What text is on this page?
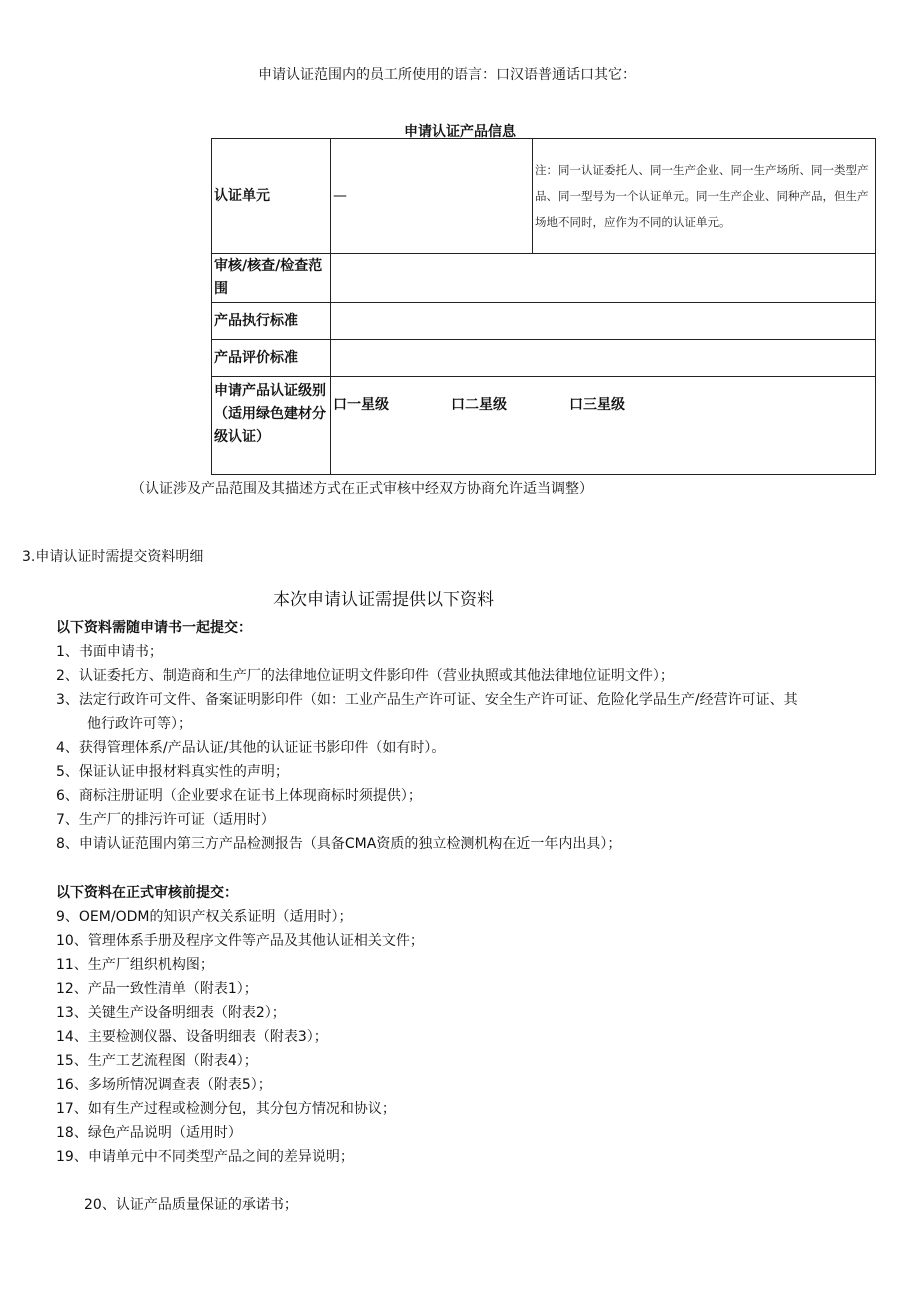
申请认证范围内的员工所使用的语言：口汉语普通话口其它：
申请认证产品信息
认证单元	—	注：同一认证委托人、同一生产企业、同一生产场所、同一类型产品、同一型号为一个认证单元。同一生产企业、同种产品，但生产场地不同时，应作为不同的认证单元。
审核/核查/检查范围		
产品执行标准		
产品评价标准		
申请产品认证级别（适用绿色建材分级认证）	口一星级 口二星级 口三星级	
（认证涉及产品范围及其描述方式在正式审核中经双方协商允许适当调整）
3.申请认证时需提交资料明细
本次申请认证需提供以下资料
以下资料需随申请书一起提交：
1、书面申请书；
2、认证委托方、制造商和生产厂的法律地位证明文件影印件（营业执照或其他法律地位证明文件）；
3、法定行政许可文件、备案证明影印件（如：工业产品生产许可证、安全生产许可证、危险化学品生产/经营许可证、其
他行政许可等）；
4、获得管理体系/产品认证/其他的认证证书影印件（如有时）。
5、保证认证申报材料真实性的声明；
6、商标注册证明（企业要求在证书上体现商标时须提供）；
7、生产厂的排污许可证（适用时）
8、申请认证范围内第三方产品检测报告（具备CMA资质的独立检测机构在近一年内出具）；
以下资料在正式审核前提交：
9、OEM/ODM的知识产权关系证明（适用时）；
10、管理体系手册及程序文件等产品及其他认证相关文件；
11、生产厂组织机构图；
12、产品一致性清单（附表1）；
13、关键生产设备明细表（附表2）；
14、主要检测仪器、设备明细表（附表3）；
15、生产工艺流程图（附表4）；
16、多场所情况调查表（附表5）；
17、如有生产过程或检测分包，其分包方情况和协议；
18、绿色产品说明（适用时）
19、申请单元中不同类型产品之间的差异说明；
20、认证产品质量保证的承诺书；
